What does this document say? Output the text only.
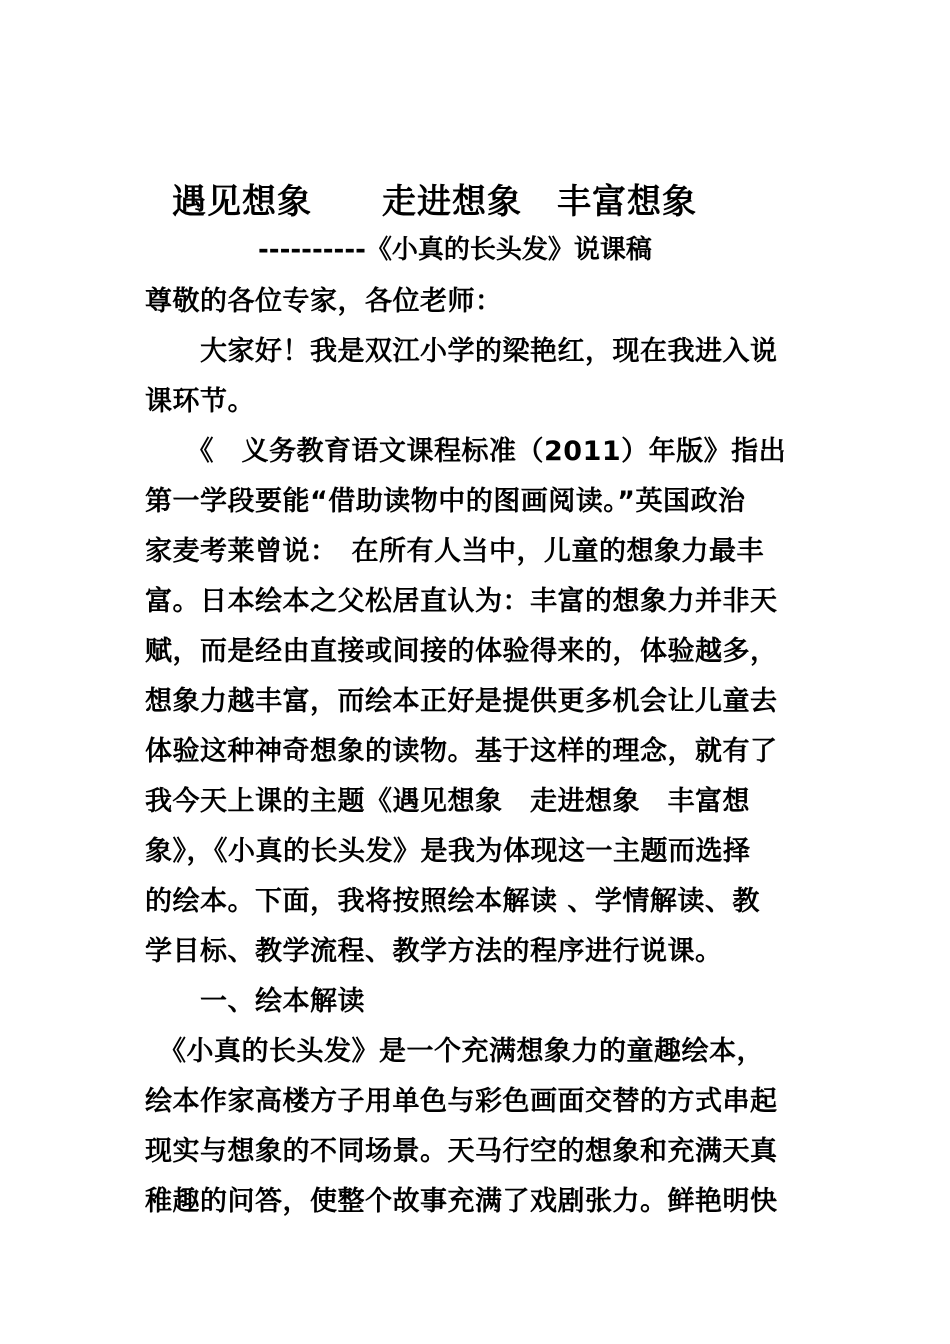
遇见想象　　走进想象　丰富想象
----------《小真的长头发》说课稿
尊敬的各位专家，各位老师：
　　大家好！我是双江小学的梁艳红，现在我进入说
课环节。
　　《　义务教育语文课程标准（2011）年版》指出
第一学段要能“借助读物中的图画阅读。”英国政治
家麦考莱曾说：　在所有人当中，儿童的想象力最丰
富。日本绘本之父松居直认为：丰富的想象力并非天
赋，而是经由直接或间接的体验得来的，体验越多，
想象力越丰富，而绘本正好是提供更多机会让儿童去
体验这种神奇想象的读物。基于这样的理念，就有了
我今天上课的主题《遇见想象　走进想象　丰富想
象》，《小真的长头发》是我为体现这一主题而选择
的绘本。下面，我将按照绘本解读 、学情解读、教
学目标、教学流程、教学方法的程序进行说课。
　　一、绘本解读
　《小真的长头发》是一个充满想象力的童趣绘本，
绘本作家高楼方子用单色与彩色画面交替的方式串起
现实与想象的不同场景。天马行空的想象和充满天真
稚趣的问答，使整个故事充满了戏剧张力。鲜艳明快
